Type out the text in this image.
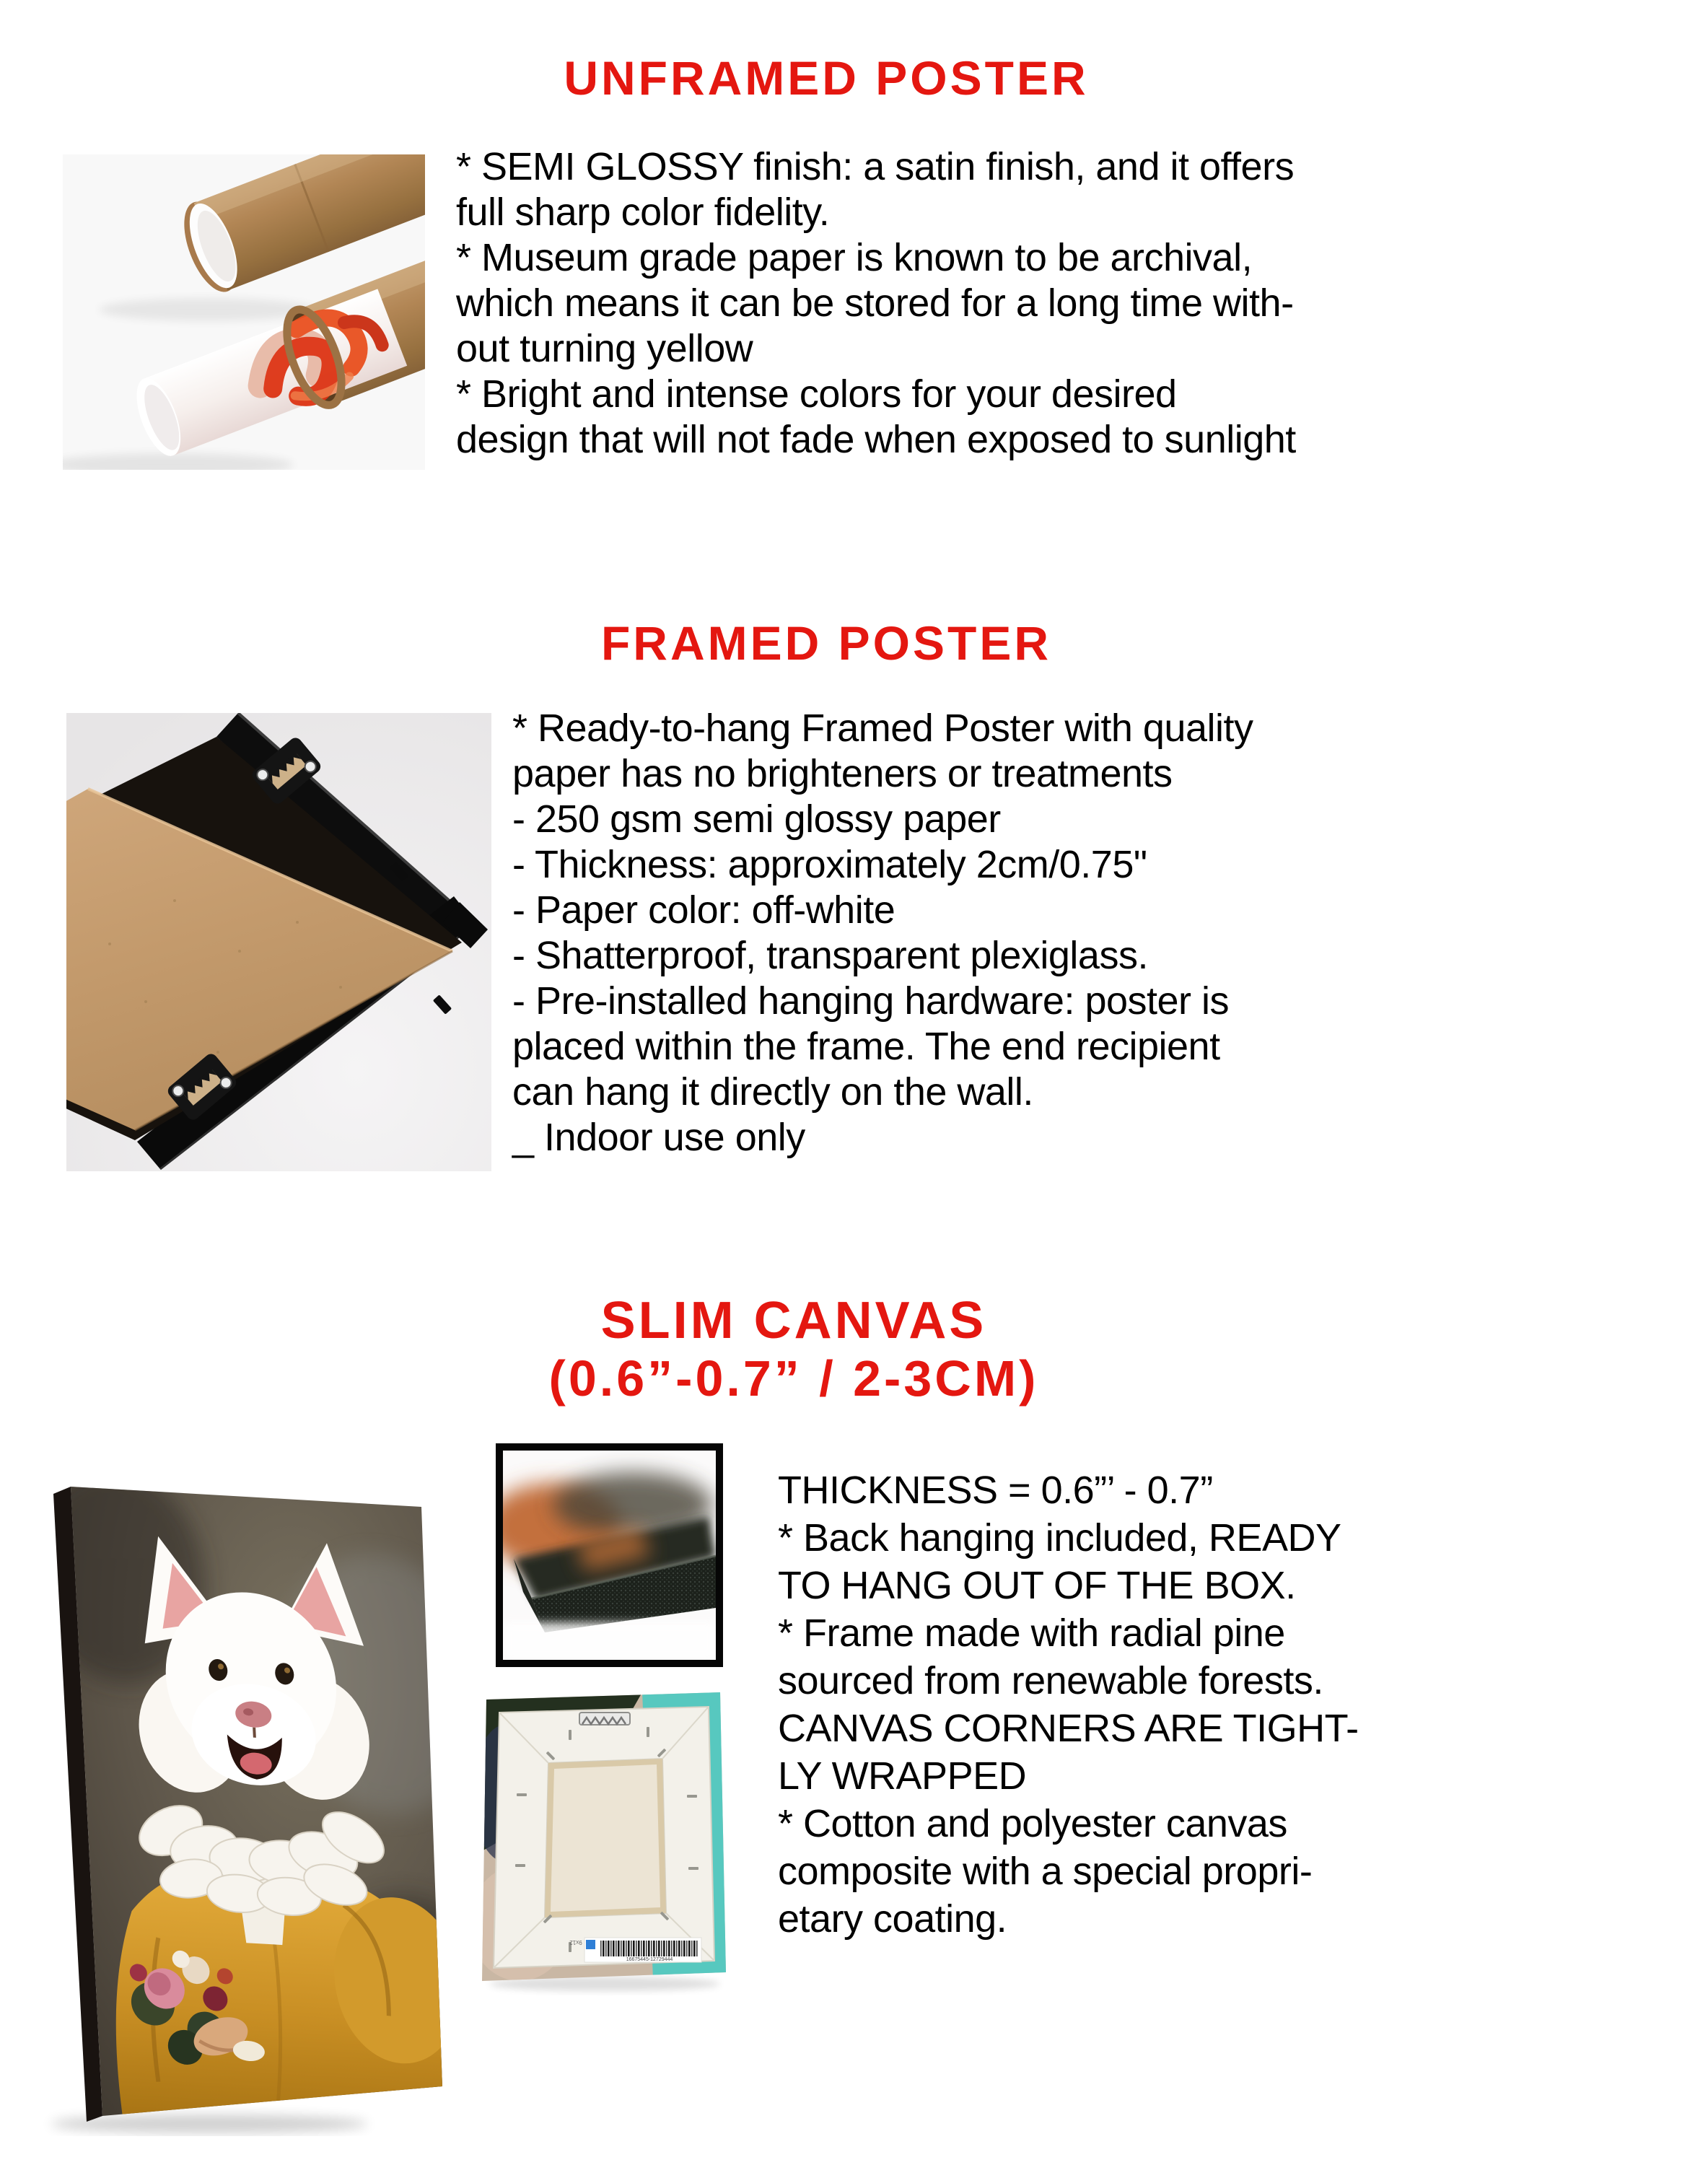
UNFRAMED POSTER
* SEMI GLOSSY finish: a satin finish, and it offers
full sharp color fidelity.
* Museum grade paper is known to be archival,
which means it can be stored for a long time with-
out turning yellow
* Bright and intense colors for your desired
design that will not fade when exposed to sunlight
FRAMED POSTER
* Ready-to-hang Framed Poster with quality
paper has no brighteners or treatments
- 250 gsm semi glossy paper
- Thickness: approximately 2cm/0.75"
- Paper color: off-white
- Shatterproof, transparent plexiglass.
- Pre-installed hanging hardware: poster is
placed within the frame. The end recipient
can hang it directly on the wall.
_ Indoor use only
SLIM CANVAS
(0.6”-0.7” / 2-3CM)
16675445-12729444
9x12
THICKNESS = 0.6”’ - 0.7”
* Back hanging included, READY
TO HANG OUT OF THE BOX.
* Frame made with radial pine
sourced from renewable forests.
CANVAS CORNERS ARE TIGHT-
LY WRAPPED
* Cotton and polyester canvas
composite with a special propri-
etary coating.
